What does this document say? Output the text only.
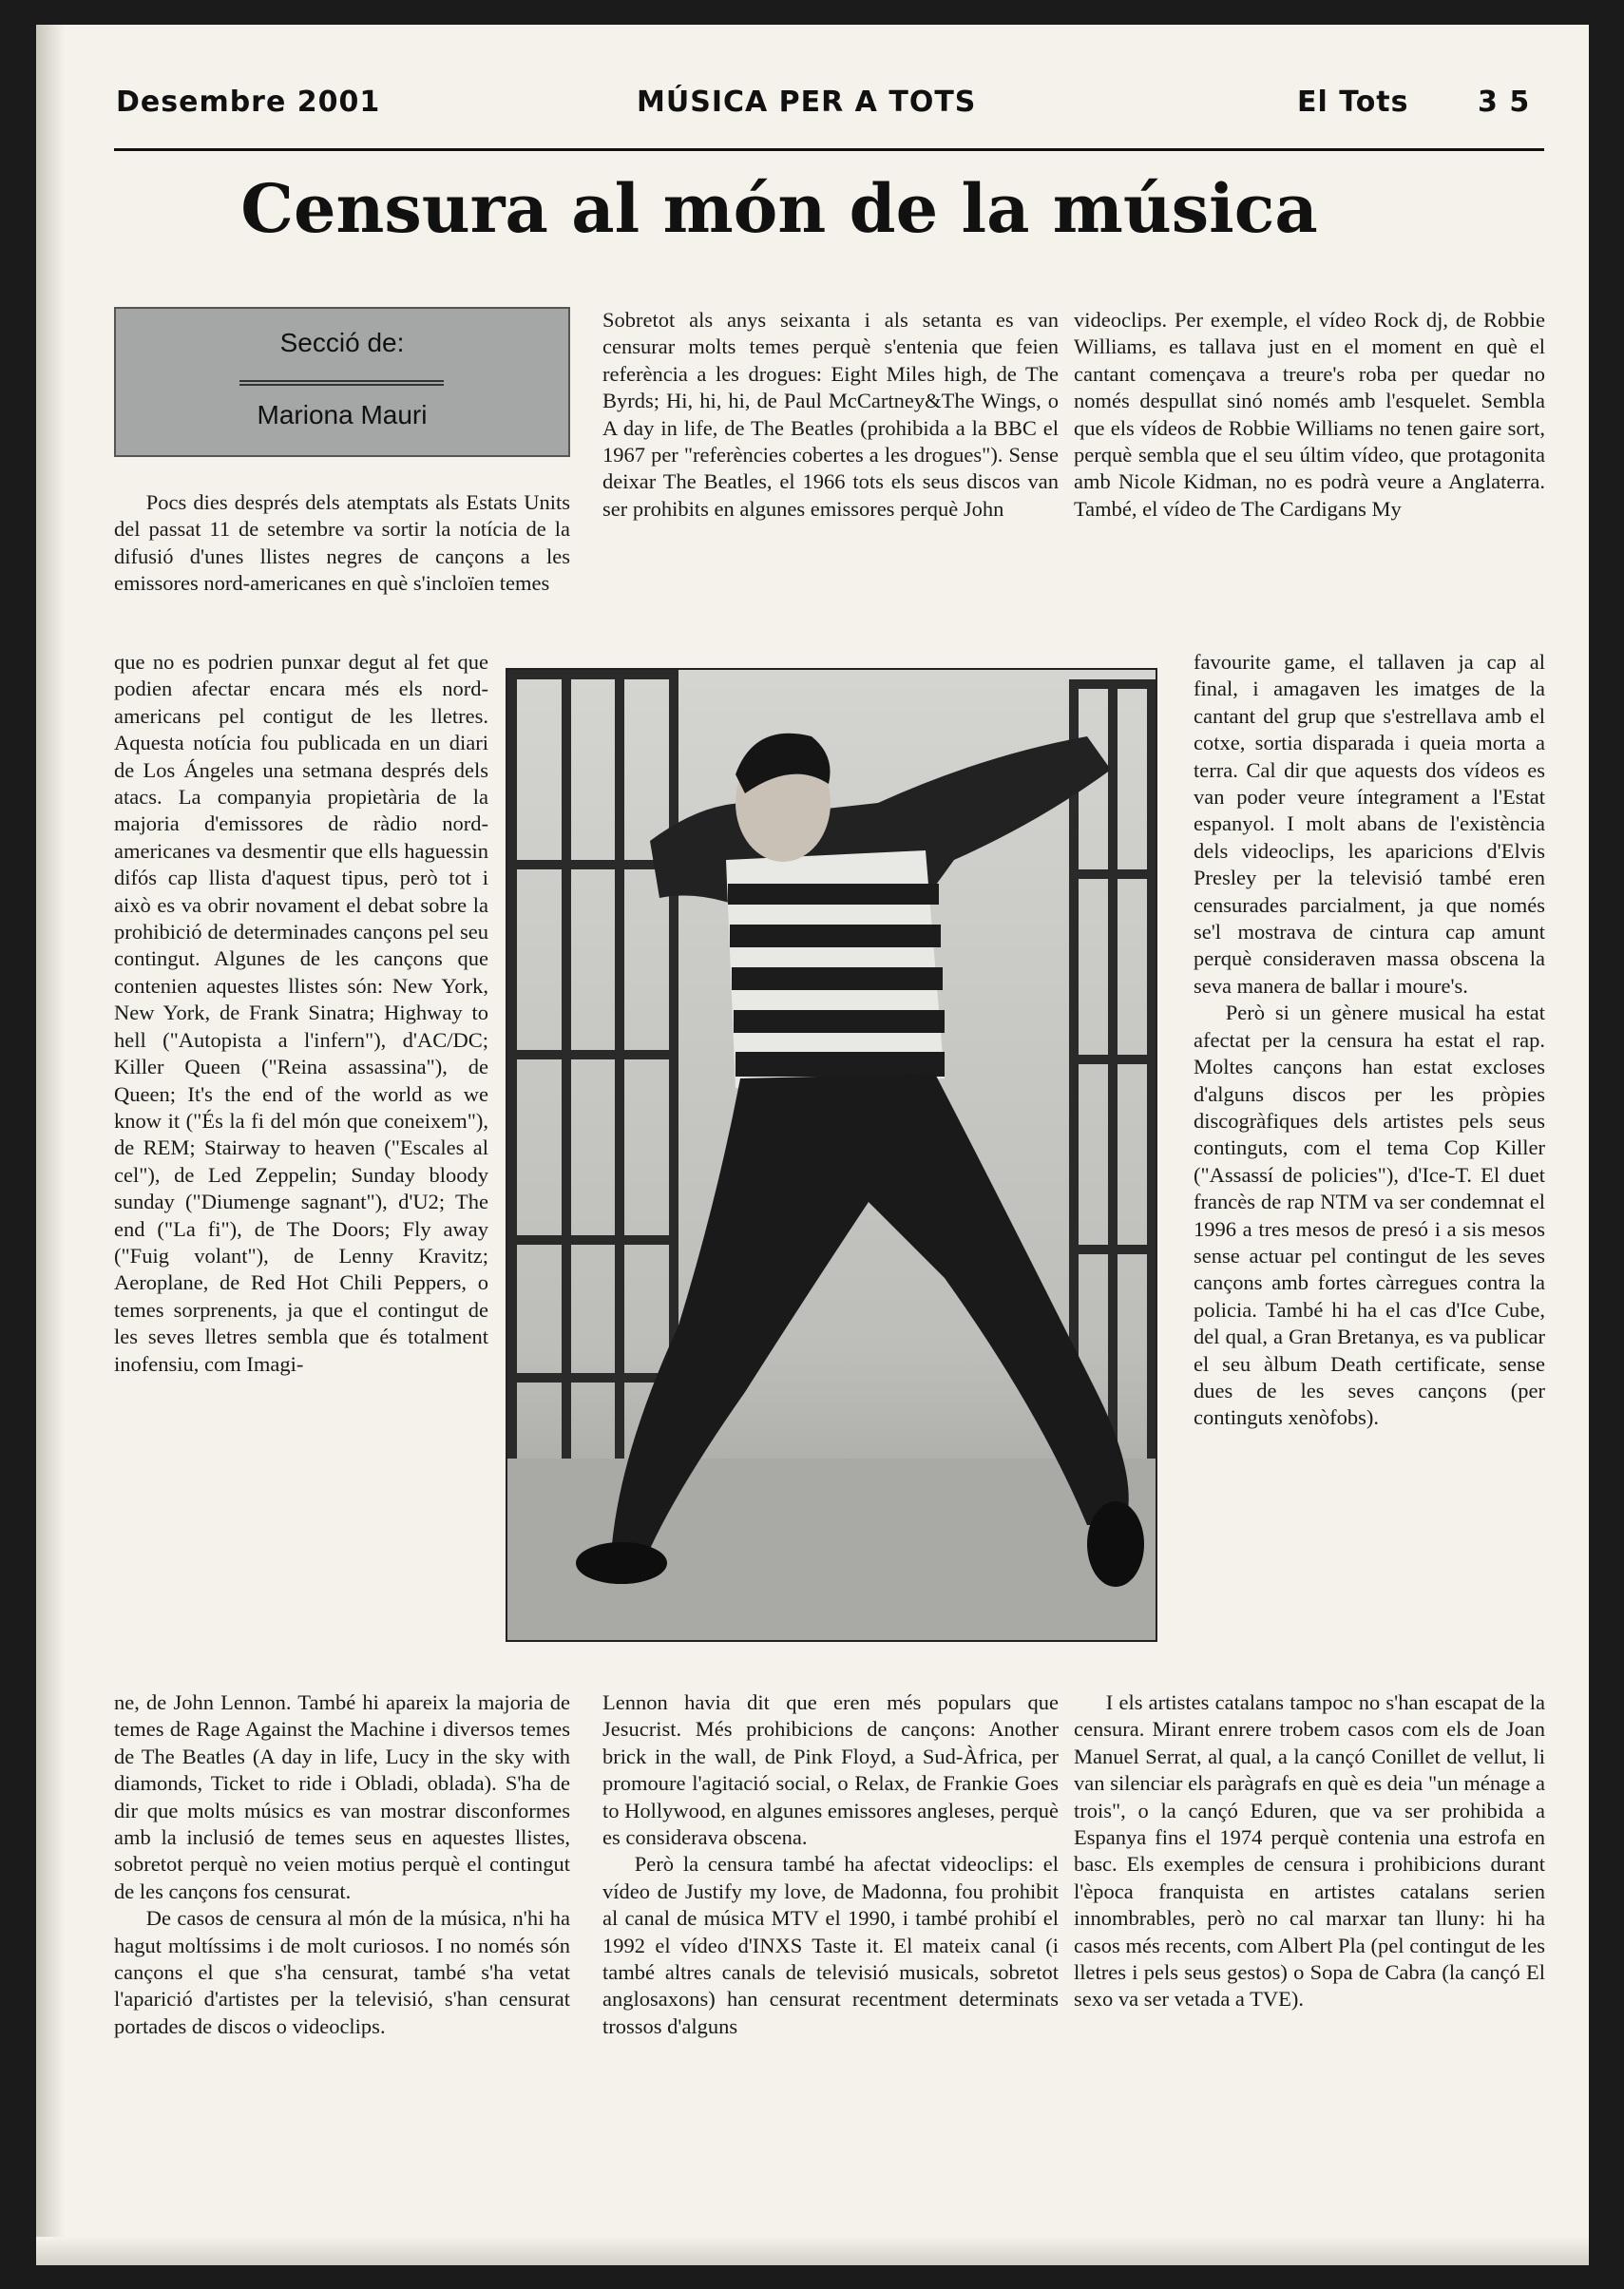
Desembre 2001	MÚSICA PER A TOTS	El Tots 3 5
Censura al món de la música
Secció de:
Mariona Mauri

Pocs dies després dels atemptats als Estats Units del passat 11 de setembre va sortir la notícia de la difusió d'unes llistes negres de cançons a les emissores nord-americanes en què s'incloïen temes

que no es podrien punxar degut al fet que podien afectar encara més els nord-americans pel contigut de les lletres. Aquesta notícia fou publicada en un diari de Los Ángeles una setmana després dels atacs. La companyia propietària de la majoria d'emissores de ràdio nord-americanes va desmentir que ells haguessin difós cap llista d'aquest tipus, però tot i això es va obrir novament el debat sobre la prohibició de determinades cançons pel seu contingut. Algunes de les cançons que contenien aquestes llistes són: New York, New York, de Frank Sinatra; Highway to hell ("Autopista a l'infern"), d'AC/DC; Killer Queen ("Reina assassina"), de Queen; It's the end of the world as we know it ("És la fi del món que coneixem"), de REM; Stairway to heaven ("Escales al cel"), de Led Zeppelin; Sunday bloody sunday ("Diumenge sagnant"), d'U2; The end ("La fi"), de The Doors; Fly away ("Fuig volant"), de Lenny Kravitz; Aeroplane, de Red Hot Chili Peppers, o temes sorprenents, ja que el contingut de les seves lletres sembla que és totalment inofensiu, com Imagi-

ne, de John Lennon. També hi apareix la majoria de temes de Rage Against the Machine i diversos temes de The Beatles (A day in life, Lucy in the sky with diamonds, Ticket to ride i Obladi, oblada). S'ha de dir que molts músics es van mostrar disconformes amb la inclusió de temes seus en aquestes llistes, sobretot perquè no veien motius perquè el contingut de les cançons fos censurat.

De casos de censura al món de la música, n'hi ha hagut moltíssims i de molt curiosos. I no només són cançons el que s'ha censurat, també s'ha vetat l'aparició d'artistes per la televisió, s'han censurat portades de discos o videoclips.

Sobretot als anys seixanta i als setanta es van censurar molts temes perquè s'entenia que feien referència a les drogues: Eight Miles high, de The Byrds; Hi, hi, hi, de Paul McCartney&The Wings, o A day in life, de The Beatles (prohibida a la BBC el 1967 per "referències cobertes a les drogues"). Sense deixar The Beatles, el 1966 tots els seus discos van ser prohibits en algunes emissores perquè John

Lennon havia dit que eren més populars que Jesucrist. Més prohibicions de cançons: Another brick in the wall, de Pink Floyd, a Sud-Àfrica, per promoure l'agitació social, o Relax, de Frankie Goes to Hollywood, en algunes emissores angleses, perquè es considerava obscena.

Però la censura també ha afectat videoclips: el vídeo de Justify my love, de Madonna, fou prohibit al canal de música MTV el 1990, i també prohibí el 1992 el vídeo d'INXS Taste it. El mateix canal (i també altres canals de televisió musicals, sobretot anglosaxons) han censurat recentment determinats trossos d'alguns

videoclips. Per exemple, el vídeo Rock dj, de Robbie Williams, es tallava just en el moment en què el cantant començava a treure's roba per quedar no només despullat sinó només amb l'esquelet. Sembla que els vídeos de Robbie Williams no tenen gaire sort, perquè sembla que el seu últim vídeo, que protagonita amb Nicole Kidman, no es podrà veure a Anglaterra. També, el vídeo de The Cardigans My

favourite game, el tallaven ja cap al final, i amagaven les imatges de la cantant del grup que s'estrellava amb el cotxe, sortia disparada i queia morta a terra. Cal dir que aquests dos vídeos es van poder veure íntegrament a l'Estat espanyol. I molt abans de l'existència dels videoclips, les aparicions d'Elvis Presley per la televisió també eren censurades parcialment, ja que només se'l mostrava de cintura cap amunt perquè consideraven massa obscena la seva manera de ballar i moure's.

Però si un gènere musical ha estat afectat per la censura ha estat el rap. Moltes cançons han estat excloses d'alguns discos per les pròpies discogràfiques dels artistes pels seus continguts, com el tema Cop Killer ("Assassí de policies"), d'Ice-T. El duet francès de rap NTM va ser condemnat el 1996 a tres mesos de presó i a sis mesos sense actuar pel contingut de les seves cançons amb fortes càrregues contra la policia. També hi ha el cas d'Ice Cube, del qual, a Gran Bretanya, es va publicar el seu àlbum Death certificate, sense dues de les seves cançons (per continguts xenòfobs).

I els artistes catalans tampoc no s'han escapat de la censura. Mirant enrere trobem casos com els de Joan Manuel Serrat, al qual, a la cançó Conillet de vellut, li van silenciar els paràgrafs en què es deia "un ménage a trois", o la cançó Eduren, que va ser prohibida a Espanya fins el 1974 perquè contenia una estrofa en basc. Els exemples de censura i prohibicions durant l'època franquista en artistes catalans serien innombrables, però no cal marxar tan lluny: hi ha casos més recents, com Albert Pla (pel contingut de les lletres i pels seus gestos) o Sopa de Cabra (la cançó El sexo va ser vetada a TVE).
